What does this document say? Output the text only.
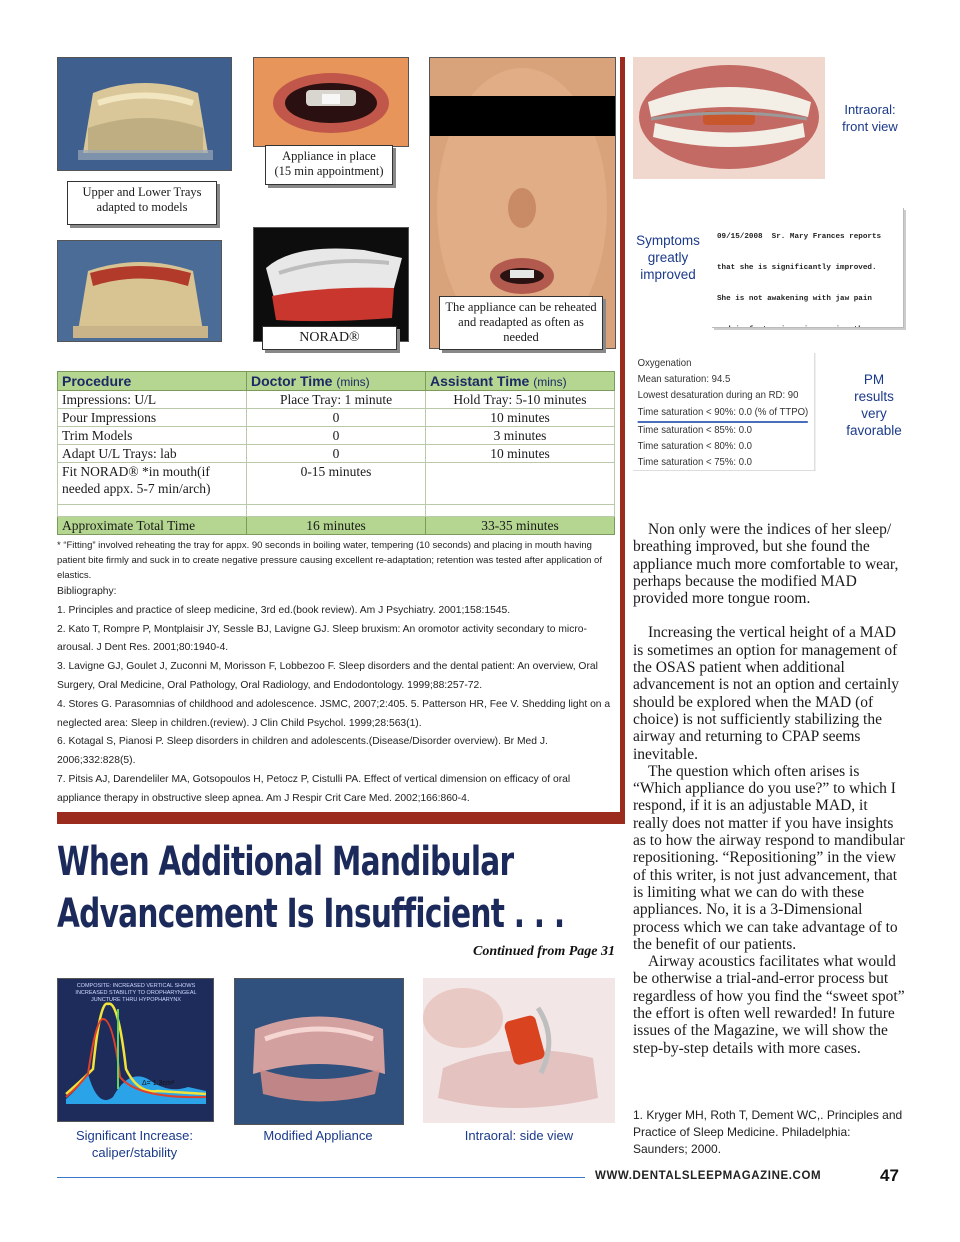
Upper and Lower Trays adapted to models
Appliance in place
(15 min appointment)
NORAD®
The appliance can be reheated and readapted as often as needed
Procedure	Doctor Time (mins)	Assistant Time (mins)
Impressions: U/L	Place Tray: 1 minute	Hold Tray: 5-10 minutes
Pour Impressions	0	10 minutes
Trim Models	0	3 minutes
Adapt U/L Trays: lab	0	10 minutes
Fit NORAD® *in mouth(if needed appx. 5-7 min/arch)	0-15 minutes	

Approximate Total Time	16 minutes	33-35 minutes
* “Fitting” involved reheating the tray for appx. 90 seconds in boiling water, tempering (10 seconds) and placing in mouth having patient bite firmly and suck in to create negative pressure causing excellent re-adaptation; retention was tested after application of elastics.
Bibliography:
1. Principles and practice of sleep medicine, 3rd ed.(book review). Am J Psychiatry. 2001;158:1545.
2. Kato T, Rompre P, Montplaisir JY, Sessle BJ, Lavigne GJ. Sleep bruxism: An oromotor activity secondary to micro-arousal. J Dent Res. 2001;80:1940-4.
3. Lavigne GJ, Goulet J, Zuconni M, Morisson F, Lobbezoo F. Sleep disorders and the dental patient: An overview, Oral Surgery, Oral Medicine, Oral Pathology, Oral Radiology, and Endodontology. 1999;88:257-72.
4. Stores G. Parasomnias of childhood and adolescence. JSMC, 2007;2:405. 5. Patterson HR, Fee V. Shedding light on a neglected area: Sleep in children.(review). J Clin Child Psychol. 1999;28:563(1).
6. Kotagal S, Pianosi P. Sleep disorders in children and adolescents.(Disease/Disorder overview). Br Med J. 2006;332:828(5).
7. Pitsis AJ, Darendeliler MA, Gotsopoulos H, Petocz P, Cistulli PA. Effect of vertical dimension on efficacy of oral appliance therapy in obstructive sleep apnea. Am J Respir Crit Care Med. 2002;166:860-4.
When Additional Mandibular
Advancement Is Insufficient . . .
Continued from Page 31
COMPOSITE: INCREASED VERTICAL SHOWS INCREASED STABILITY TO OROPHARYNGEAL JUNCTURE THRU HYPOPHARYNX
Δ= 1.3cm²
Significant Increase:
caliper/stability
Modified Appliance	Intraoral: side view
Intraoral:
front view
Symptoms greatly improved

09/15/2008  Sr. Mary Frances reports

that she is significantly improved.

She is not awakening with jaw pain

Oxygenation
Mean saturation: 94.5
Lowest desaturation during an RD: 90
Time saturation < 90%: 0.0 (% of TTPO)
Time saturation < 85%: 0.0
Time saturation < 80%: 0.0
Time saturation < 75%: 0.0
PM results very favorable

Non only were the indices of her sleep/ breathing improved, but she found the appliance much more comfortable to wear, perhaps because the modified MAD provided more tongue room.

Increasing the vertical height of a MAD is sometimes an option for management of the OSAS patient when additional advancement is not an option and certainly should be explored when the MAD (of choice) is not sufficiently stabilizing the airway and returning to CPAP seems inevitable.

The question which often arises is “Which appliance do you use?” to which I respond, if it is an adjustable MAD, it really does not matter if you have insights as to how the airway respond to mandibular repositioning. “Repositioning” in the view of this writer, is not just advancement, that is limiting what we can do with these appliances. No, it is a 3-Dimensional process which we can take advantage of to the benefit of our patients.

Airway acoustics facilitates what would be otherwise a trial-and-error process but regardless of how you find the “sweet spot” the effort is often well rewarded! In future issues of the Magazine, we will show the step-by-step details with more cases.

1. Kryger MH, Roth T, Dement WC,. Principles and Practice of Sleep Medicine. Philadelphia: Saunders; 2000.
WWW.DENTALSLEEPMAGAZINE.COM	47
